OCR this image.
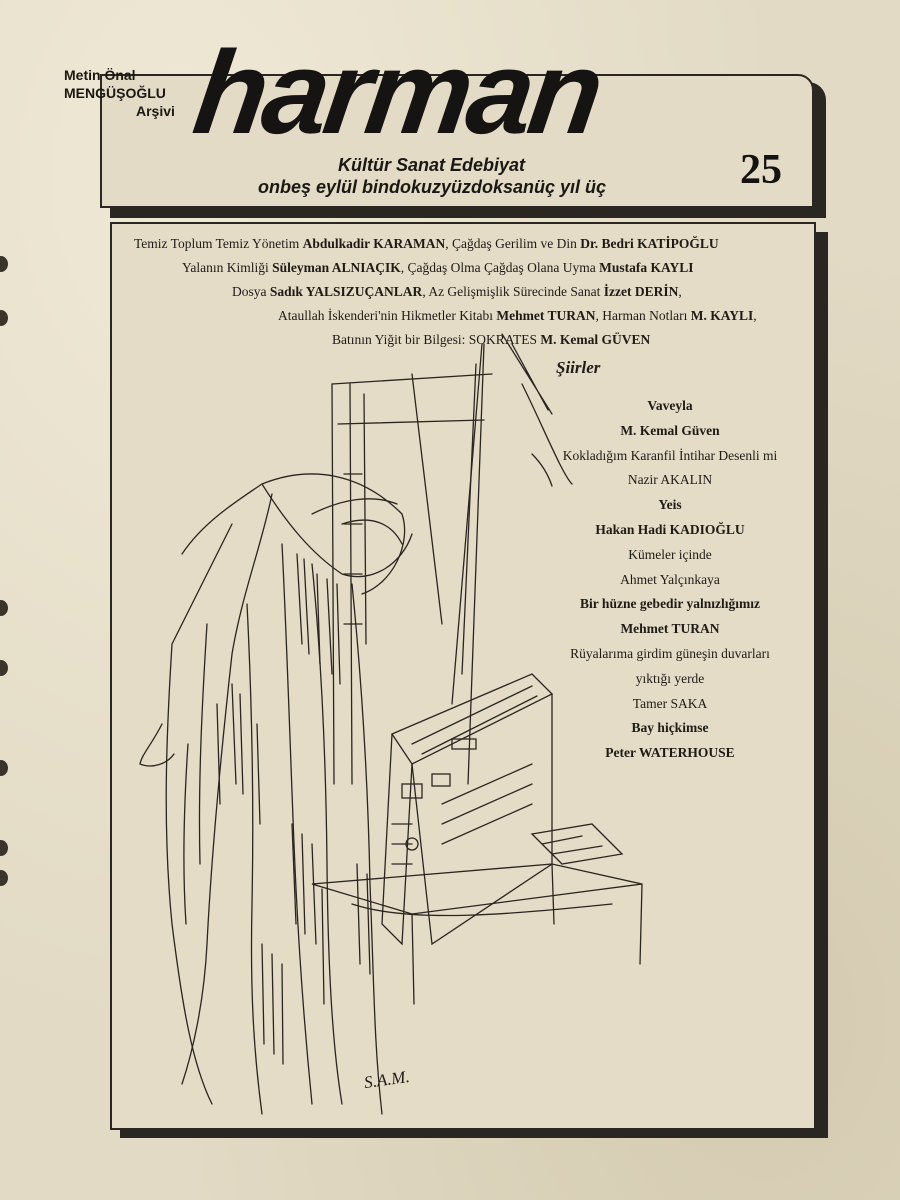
Metin Önal MENGÜŞOĞLU
Arşivi harman
Kültür Sanat Edebiyat
onbeş eylül bindokuzyüzdoksanüç yıl üç	25
Temiz Toplum Temiz Yönetim Abdulkadir KARAMAN, Çağdaş Gerilim ve Din Dr. Bedri KATİPOĞLU
Yalanın Kimliği Süleyman ALNIAÇIK, Çağdaş Olma Çağdaş Olana Uyma Mustafa KAYLI
Dosya Sadık YALSIZUÇANLAR, Az Gelişmişlik Sürecinde Sanat İzzet DERİN,
Ataullah İskenderi'nin Hikmetler Kitabı Mehmet TURAN, Harman Notları M. KAYLI,
Batının Yiğit bir Bilgesi: SOKRATES M. Kemal GÜVEN
Şiirler
Vaveyla
M. Kemal Güven
Kokladığım Karanfil İntihar Desenli mi
Nazir AKALIN
Yeis
Hakan Hadi KADIOĞLU
Kümeler içinde
Ahmet Yalçınkaya
Bir hüzne gebedir yalnızlığımız
Mehmet TURAN
Rüyalarıma girdim güneşin duvarları
yıktığı yerde
Tamer SAKA
Bay hiçkimse
Peter WATERHOUSE
S.A.M.
